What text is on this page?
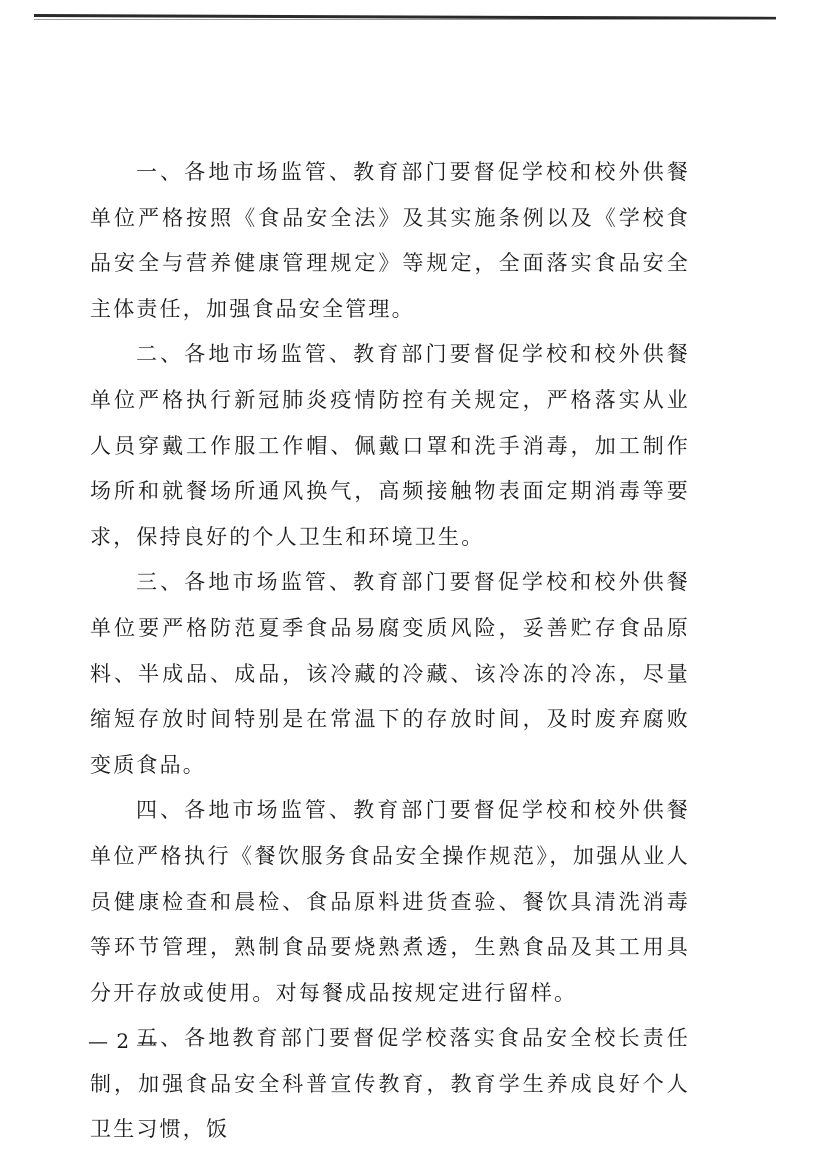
一、各地市场监管、教育部门要督促学校和校外供餐单位严格按照《食品安全法》及其实施条例以及《学校食品安全与营养健康管理规定》等规定，全面落实食品安全主体责任，加强食品安全管理。

二、各地市场监管、教育部门要督促学校和校外供餐单位严格执行新冠肺炎疫情防控有关规定，严格落实从业人员穿戴工作服工作帽、佩戴口罩和洗手消毒，加工制作场所和就餐场所通风换气，高频接触物表面定期消毒等要求，保持良好的个人卫生和环境卫生。

三、各地市场监管、教育部门要督促学校和校外供餐单位要严格防范夏季食品易腐变质风险，妥善贮存食品原料、半成品、成品，该冷藏的冷藏、该冷冻的冷冻，尽量缩短存放时间特别是在常温下的存放时间，及时废弃腐败变质食品。

四、各地市场监管、教育部门要督促学校和校外供餐单位严格执行《餐饮服务食品安全操作规范》，加强从业人员健康检查和晨检、食品原料进货查验、餐饮具清洗消毒等环节管理，熟制食品要烧熟煮透，生熟食品及其工用具分开存放或使用。对每餐成品按规定进行留样。

五、各地教育部门要督促学校落实食品安全校长责任制，加强食品安全科普宣传教育，教育学生养成良好个人卫生习惯，饭

— 2 —
